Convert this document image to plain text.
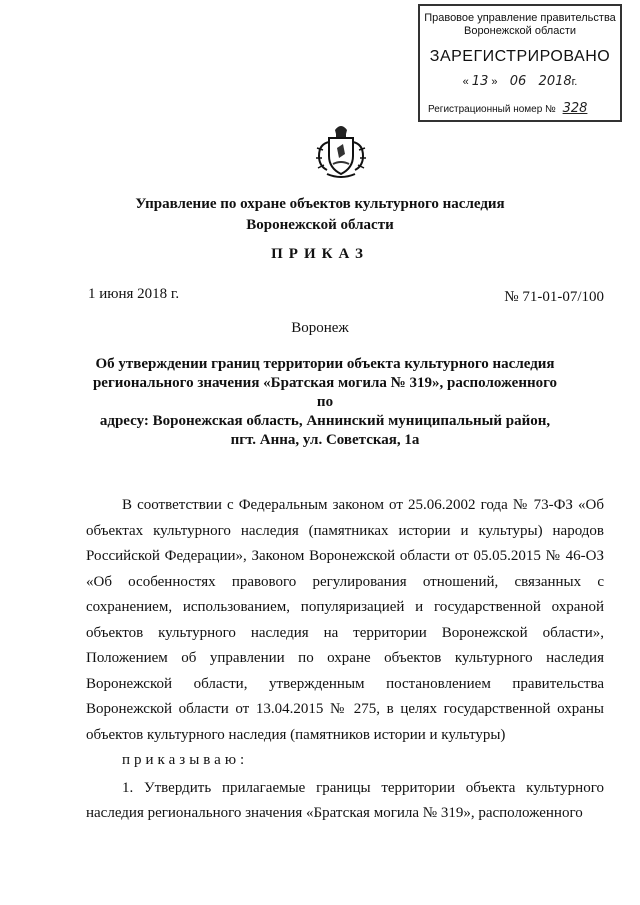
Правовое управление правительства
Воронежской области
ЗАРЕГИСТРИРОВАНО
« 13 » 06 2018г.
Регистрационный номер № 328
Управление по охране объектов культурного наследия
Воронежской области
ПРИКАЗ
1 июня 2018 г.	№ 71-01-07/100
Воронеж
Об утверждении границ территории объекта культурного наследия
регионального значения «Братская могила № 319», расположенного по
адресу: Воронежская область, Аннинский муниципальный район,
пгт. Анна, ул. Советская, 1а

В соответствии с Федеральным законом от 25.06.2002 года № 73-ФЗ «Об объектах культурного наследия (памятниках истории и культуры) народов Российской Федерации», Законом Воронежской области от 05.05.2015 № 46-ОЗ «Об особенностях правового регулирования отношений, связанных с сохранением, использованием, популяризацией и государственной охраной объектов культурного наследия на территории Воронежской области», Положением об управлении по охране объектов культурного наследия Воронежской области, утвержденным постановлением правительства Воронежской области от 13.04.2015 № 275, в целях государственной охраны объектов культурного наследия (памятников истории и культуры)

приказываю:

1. Утвердить прилагаемые границы территории объекта культурного наследия регионального значения «Братская могила № 319», расположенного
